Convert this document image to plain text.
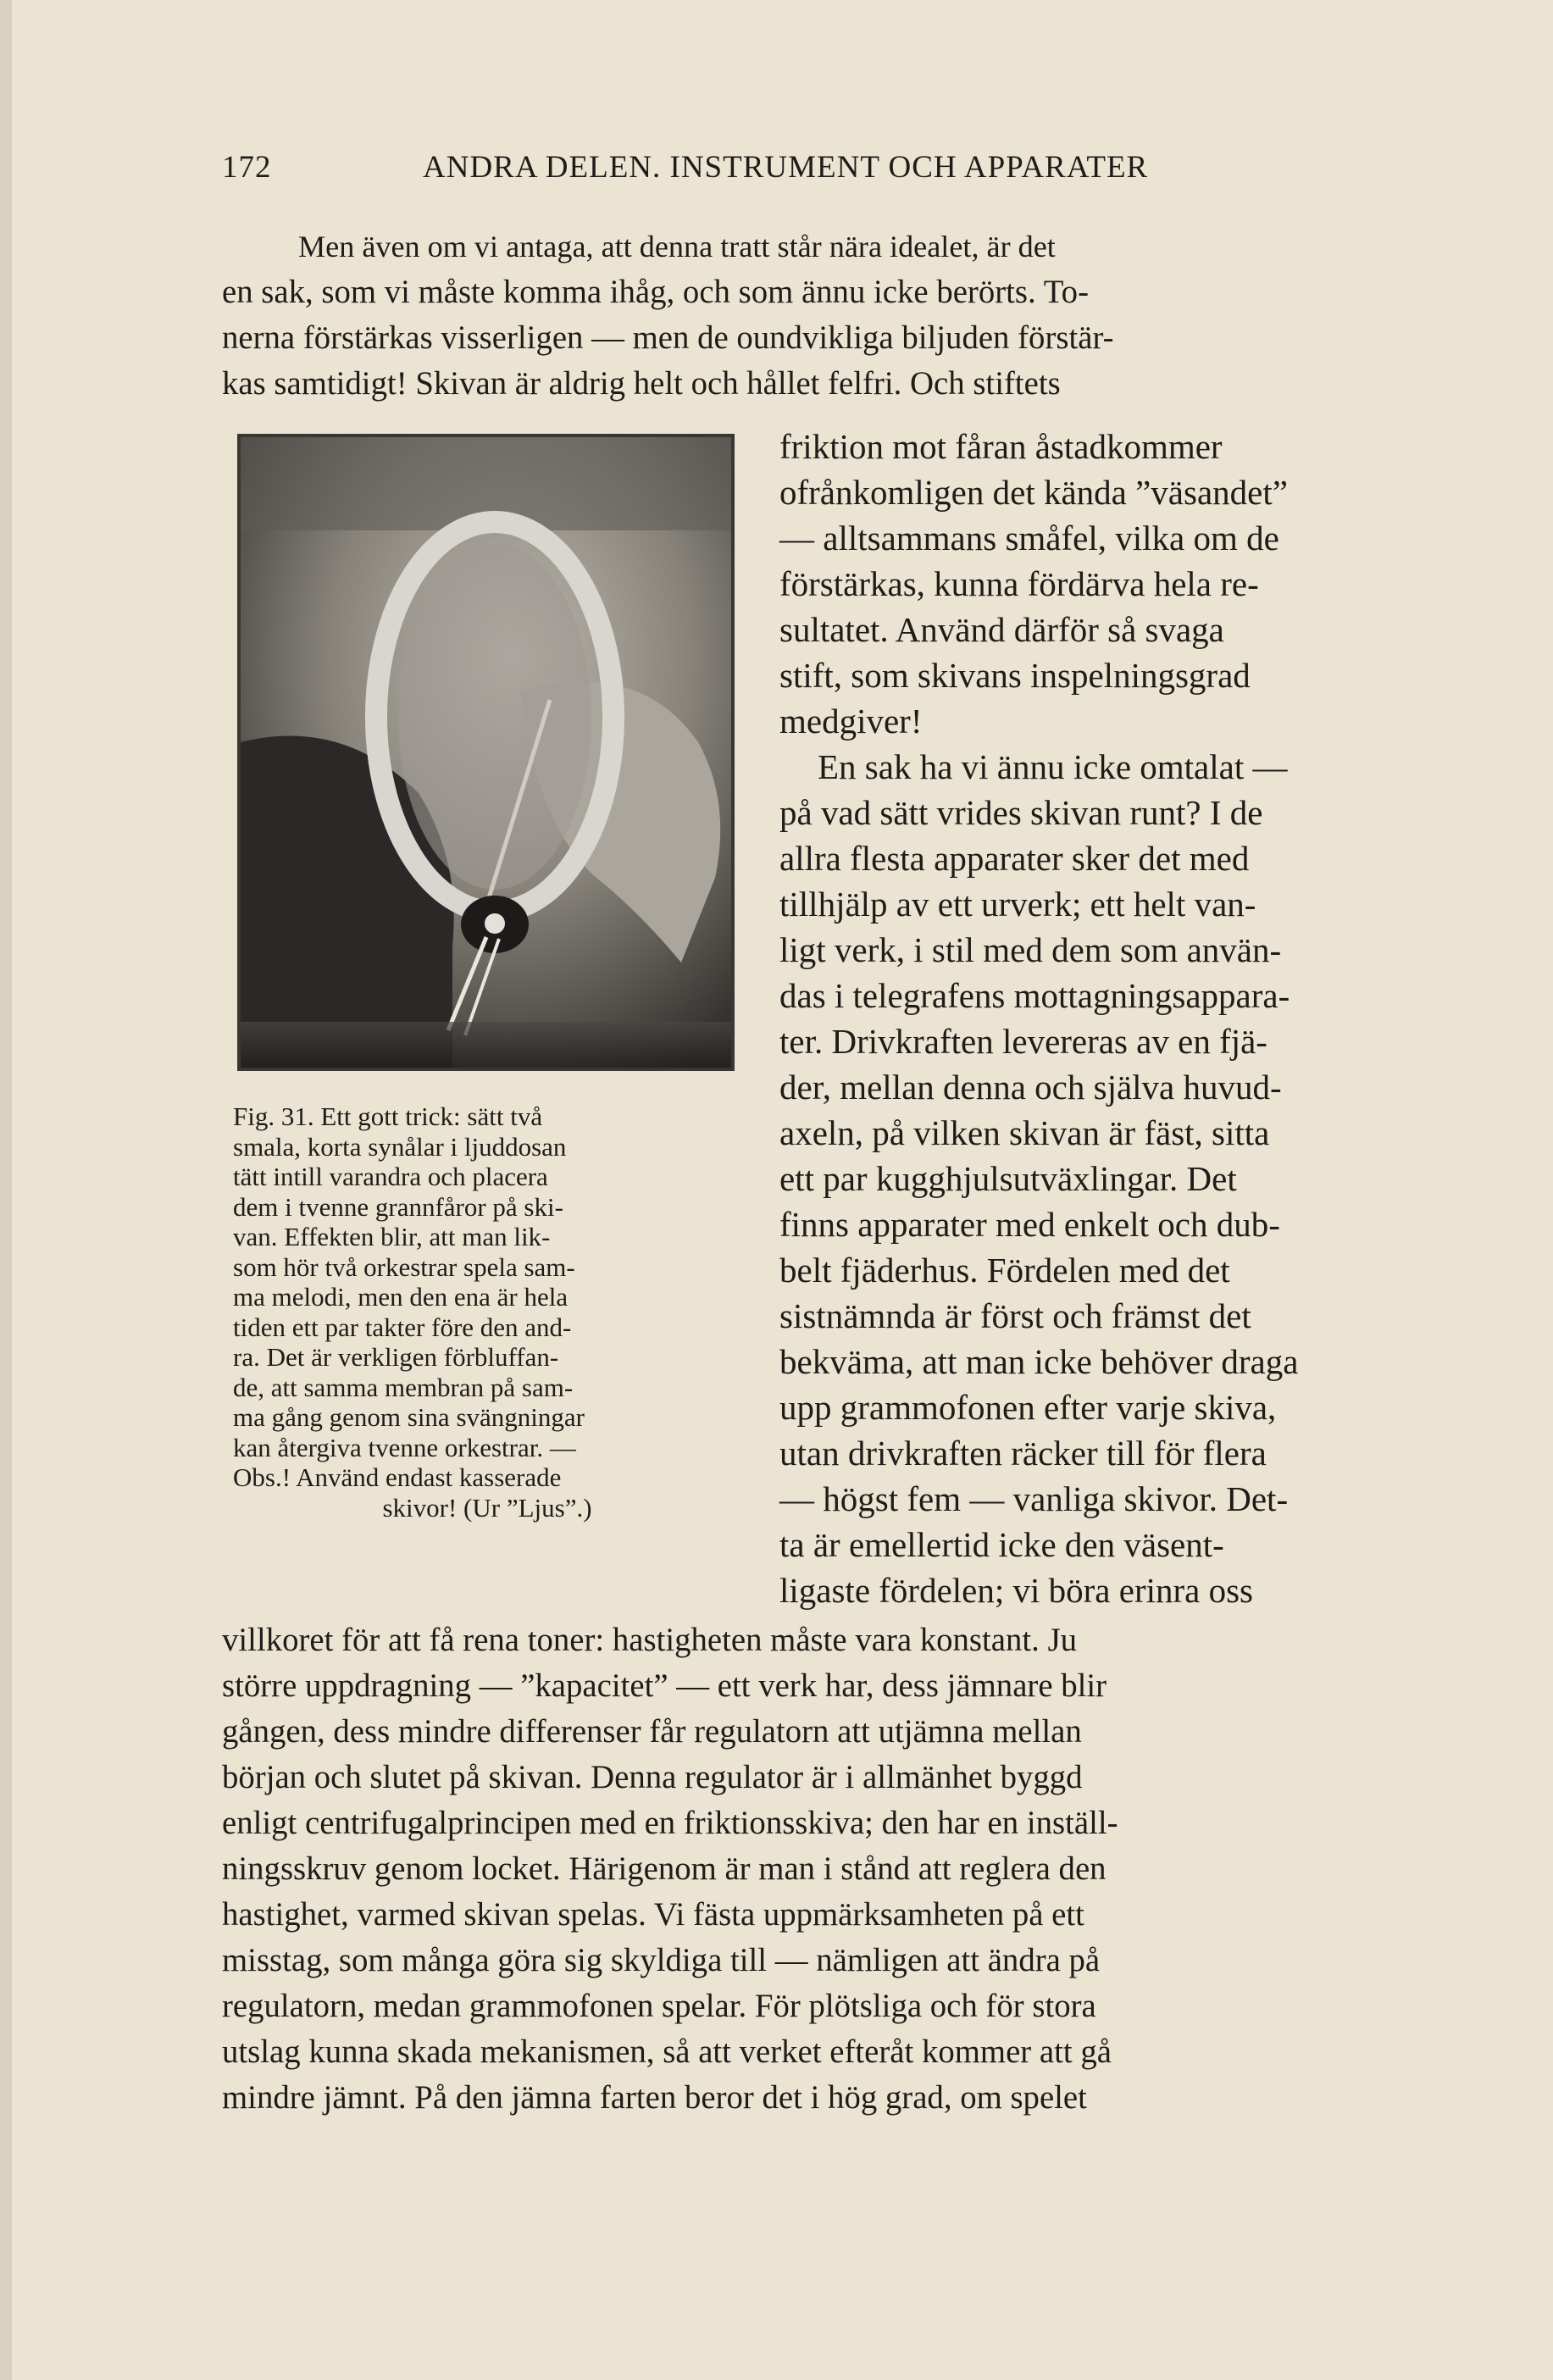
172	ANDRA DELEN. INSTRUMENT OCH APPARATER
Men även om vi antaga, att denna tratt står nära idealet, är det
en sak, som vi måste komma ihåg, och som ännu icke berörts. To-
nerna förstärkas visserligen — men de oundvikliga biljuden förstär-
kas samtidigt! Skivan är aldrig helt och hållet felfri. Och stiftets
friktion mot fåran åstadkommer
ofrånkomligen det kända ”väsandet”
— alltsammans småfel, vilka om de
förstärkas, kunna fördärva hela re-
sultatet. Använd därför så svaga
stift, som skivans inspelningsgrad
medgiver!
En sak ha vi ännu icke omtalat —
på vad sätt vrides skivan runt? I de
allra flesta apparater sker det med
tillhjälp av ett urverk; ett helt van-
ligt verk, i stil med dem som använ-
das i telegrafens mottagningsappara-
ter. Drivkraften levereras av en fjä-
der, mellan denna och själva huvud-
axeln, på vilken skivan är fäst, sitta
ett par kugghjulsutväxlingar. Det
finns apparater med enkelt och dub-
belt fjäderhus. Fördelen med det
sistnämnda är först och främst det
bekväma, att man icke behöver draga
upp grammofonen efter varje skiva,
utan drivkraften räcker till för flera
— högst fem — vanliga skivor. Det-
ta är emellertid icke den väsent-
ligaste fördelen; vi böra erinra oss
Fig. 31. Ett gott trick: sätt två
smala, korta synålar i ljuddosan
tätt intill varandra och placera
dem i tvenne grannfåror på ski-
van. Effekten blir, att man lik-
som hör två orkestrar spela sam-
ma melodi, men den ena är hela
tiden ett par takter före den and-
ra. Det är verkligen förbluffan-
de, att samma membran på sam-
ma gång genom sina svängningar
kan återgiva tvenne orkestrar. —
Obs.! Använd endast kasserade
skivor! (Ur ”Ljus”.)
villkoret för att få rena toner: hastigheten måste vara konstant. Ju
större uppdragning — ”kapacitet” — ett verk har, dess jämnare blir
gången, dess mindre differenser får regulatorn att utjämna mellan
början och slutet på skivan. Denna regulator är i allmänhet byggd
enligt centrifugalprincipen med en friktionsskiva; den har en inställ-
ningsskruv genom locket. Härigenom är man i stånd att reglera den
hastighet, varmed skivan spelas. Vi fästa uppmärksamheten på ett
misstag, som många göra sig skyldiga till — nämligen att ändra på
regulatorn, medan grammofonen spelar. För plötsliga och för stora
utslag kunna skada mekanismen, så att verket efteråt kommer att gå
mindre jämnt. På den jämna farten beror det i hög grad, om spelet
